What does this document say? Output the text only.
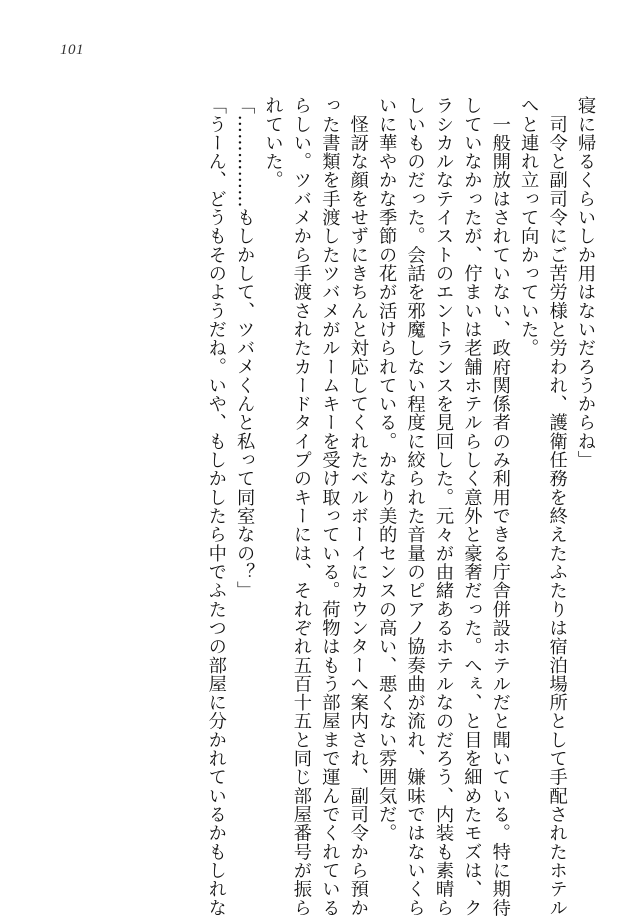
101
寝に帰るくらいしか用はないだろうからね」
　司令と副司令にご苦労様と労われ、護衛任務を終えたふたりは宿泊場所として手配されたホテル
へと連れ立って向かっていた。
　一般開放はされていない、政府関係者のみ利用できる庁舎併設ホテルだと聞いている。特に期待
していなかったが、佇まいは老舗ホテルらしく意外と豪奢だった。へぇ、と目を細めたモズは、ク
ラシカルなテイストのエントランスを見回した。元々が由緒あるホテルなのだろう、内装も素晴ら
しいものだった。会話を邪魔しない程度に絞られた音量のピアノ協奏曲が流れ、嫌味ではないくら
いに華やかな季節の花が活けられている。かなり美的センスの高い、悪くない雰囲気だ。
　怪訝な顔をせずにきちんと対応してくれたベルボーイにカウンターへ案内され、副司令から預か
った書類を手渡したツバメがルームキーを受け取っている。荷物はもう部屋まで運んでくれている
らしい。ツバメから手渡されたカードタイプのキーには、それぞれ五百十五と同じ部屋番号が振ら
れていた。
「……………もしかして、ツバメくんと私って同室なの？」
「うーん、どうもそのようだね。いや、もしかしたら中でふたつの部屋に分かれているかもしれな
